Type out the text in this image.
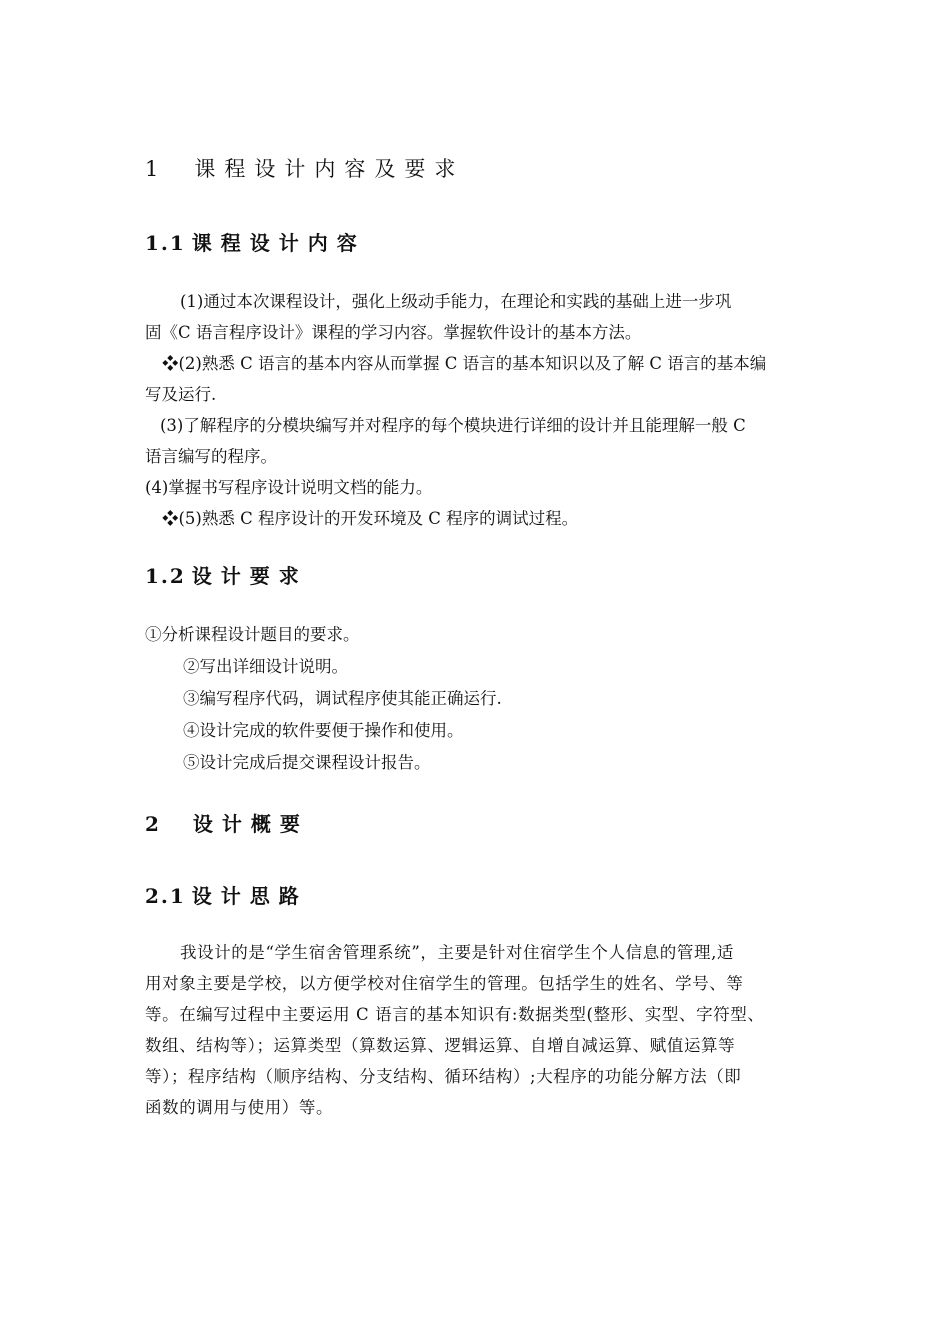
1 课程设计内容及要求
1.1 课程设计内容
(1)通过本次课程设计，强化上级动手能力，在理论和实践的基础上进一步巩
固《C 语言程序设计》课程的学习内容。掌握软件设计的基本方法。
❖(2)熟悉 C 语言的基本内容从而掌握 C 语言的基本知识以及了解 C 语言的基本编
写及运行.
(3)了解程序的分模块编写并对程序的每个模块进行详细的设计并且能理解一般 C
语言编写的程序。
(4)掌握书写程序设计说明文档的能力。
❖(5)熟悉 C 程序设计的开发环境及 C 程序的调试过程。
1.2 设计要求
①分析课程设计题目的要求。
②写出详细设计说明。
③编写程序代码，调试程序使其能正确运行.
④设计完成的软件要便于操作和使用。
⑤设计完成后提交课程设计报告。
2 设计概要
2.1 设计思路
我设计的是“学生宿舍管理系统”，主要是针对住宿学生个人信息的管理,适
用对象主要是学校，以方便学校对住宿学生的管理。包括学生的姓名、学号、等
等。在编写过程中主要运用 C 语言的基本知识有:数据类型(整形、实型、字符型、
数组、结构等）；运算类型（算数运算、逻辑运算、自增自减运算、赋值运算等
等）；程序结构（顺序结构、分支结构、循环结构）;大程序的功能分解方法（即
函数的调用与使用）等。
